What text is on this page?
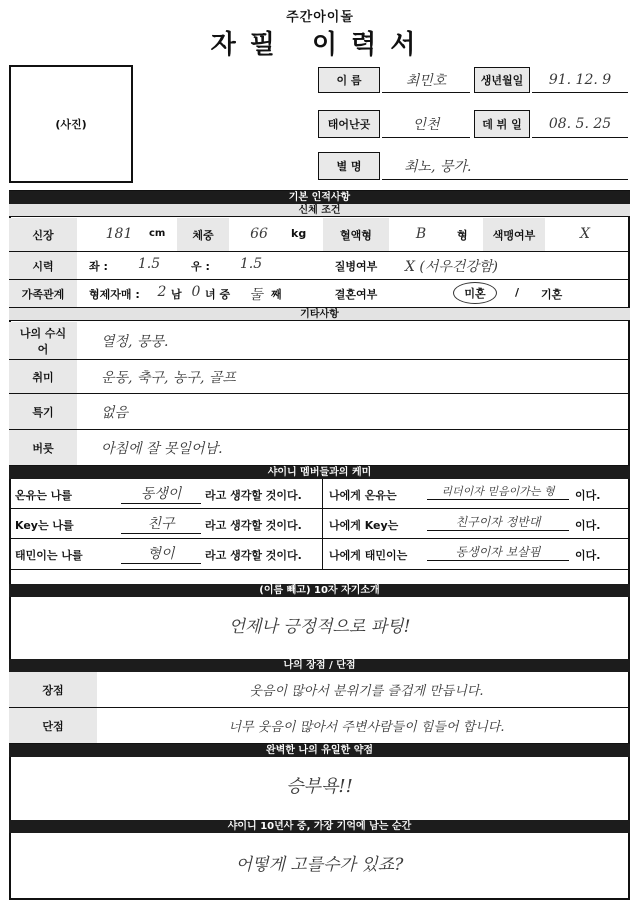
주간아이돌
자필 이력서
(사진)
이 름	최민호	생년월일	91. 12. 9
태어난곳	인천	데 뷔 일	08. 5. 25
별 명	최노, 뭉가.
기본 인적사항
신체 조건
신장	181	cm	체중	66	kg	혈액형	B	형	색맹여부	X
시력	좌 :	1.5	우 :	1.5	질병여부	X (서우건강함)
가족관계	형제자매 : 2 남 0 녀 중	둘 째	결혼여부	미혼	/ 기혼
기타사항
나의 수식어	열정, 뭉뭉.
취미	운동, 축구, 농구, 골프
특기	없음
버릇	아침에 잘 못일어남.
샤이니 멤버들과의 케미
온유는 나를	동생이	라고 생각할 것이다. 나에게 온유는	리더이자 믿음이가는 형	이다.
Key는 나를	친구	라고 생각할 것이다. 나에게 Key는	친구이자 정반대	이다.
태민이는 나를	형이	라고 생각할 것이다. 나에게 태민이는	동생이자 보살핌	이다.
(이름 빼고) 10자 자기소개
언제나 긍정적으로 파팅!
나의 장점 / 단점
장점	웃음이 많아서 분위기를 즐겁게 만듭니다.
단점	너무 웃음이 많아서 주변사람들이 힘들어 합니다.
완벽한 나의 유일한 약점
승부욕!!
샤이니 10년사 중, 가장 기억에 남는 순간
어떻게 고를수가 있죠?
